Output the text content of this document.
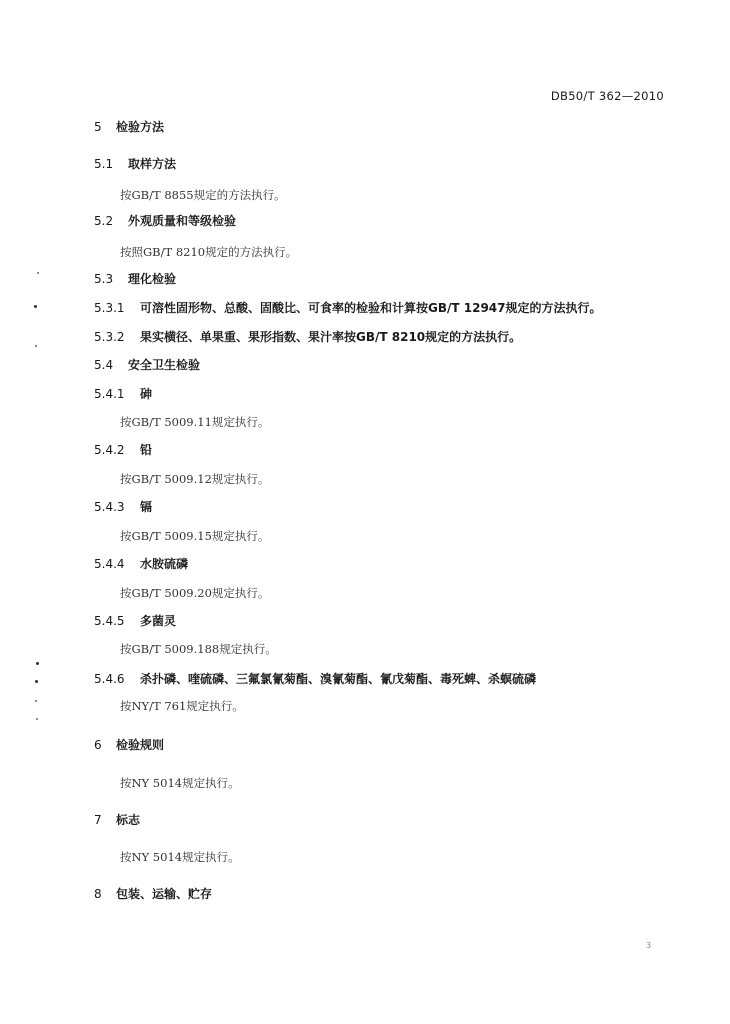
DB50/T 362—2010
5 检验方法
5.1 取样方法
按GB/T 8855规定的方法执行。
5.2 外观质量和等级检验
按照GB/T 8210规定的方法执行。
5.3 理化检验
5.3.1 可溶性固形物、总酸、固酸比、可食率的检验和计算按GB/T 12947规定的方法执行。
5.3.2 果实横径、单果重、果形指数、果汁率按GB/T 8210规定的方法执行。
5.4 安全卫生检验
5.4.1 砷
按GB/T 5009.11规定执行。
5.4.2 铅
按GB/T 5009.12规定执行。
5.4.3 镉
按GB/T 5009.15规定执行。
5.4.4 水胺硫磷
按GB/T 5009.20规定执行。
5.4.5 多菌灵
按GB/T 5009.188规定执行。
5.4.6 杀扑磷、喹硫磷、三氟氯氰菊酯、溴氰菊酯、氰戊菊酯、毒死蜱、杀螟硫磷
按NY/T 761规定执行。
6 检验规则
按NY 5014规定执行。
7 标志
按NY 5014规定执行。
8 包装、运输、贮存
3
